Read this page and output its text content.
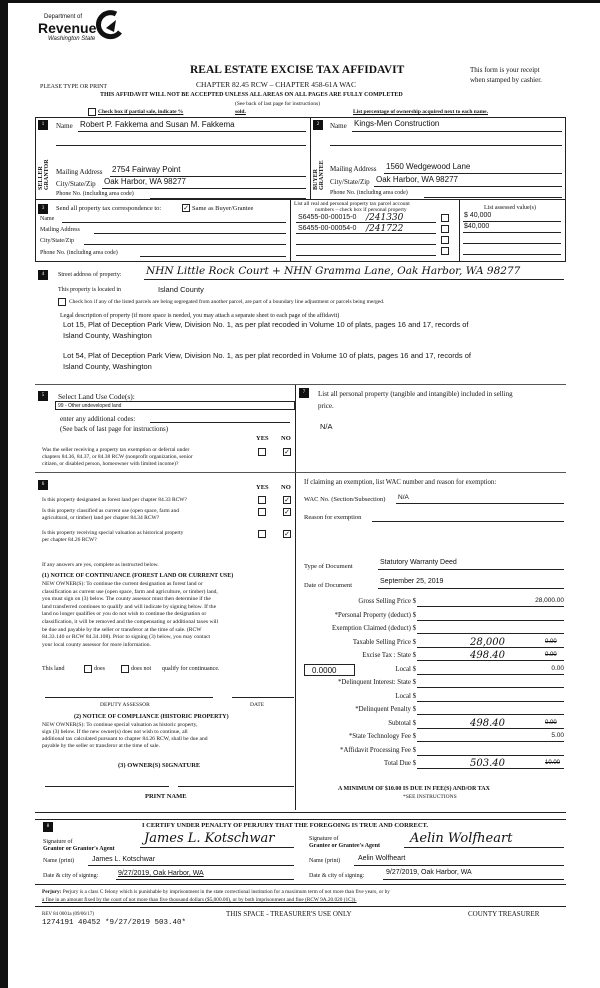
Department of
Revenue
Washington State
REAL ESTATE EXCISE TAX AFFIDAVIT
CHAPTER 82.45 RCW – CHAPTER 458-61A WAC
PLEASE TYPE OR PRINT
This form is your receipt
when stamped by cashier.
THIS AFFIDAVIT WILL NOT BE ACCEPTED UNLESS ALL AREAS ON ALL PAGES ARE FULLY COMPLETED
(See back of last page for instructions)
Check box if partial sale, indicate %	sold.	List percentage of ownership acquired next to each name.
1
SELLER GRANTOR
Name Robert P. Fakkema and Susan M. Fakkema
Mailing Address 2754 Fairway Point
City/State/Zip Oak Harbor, WA 98277
Phone No. (including area code)
2
BUYER GRANTEE
Name Kings-Men Construction
Mailing Address 1560 Wedgewood Lane
City/State/Zip Oak Harbor, WA 98277
Phone No. (including area code)
3	Send all property tax correspondence to:	✓ Same as Buyer/Grantee
Name
Mailing Address
City/State/Zip
Phone No. (including area code)
List all real and personal property tax parcel account
numbers – check box if personal property	List assessed value(s)
S6455-00-00015-0 /241330	$ 40,000
S6455-00-00054-0 /241722	$40,000
4	Street address of property: NHN Little Rock Court + NHN Gramma Lane, Oak Harbor, WA 98277
This property is located in	Island County
Check box if any of the listed parcels are being segregated from another parcel, are part of a boundary line adjustment or parcels being merged.
Legal description of property (if more space is needed, you may attach a separate sheet to each page of the affidavit)
Lot 15, Plat of Deception Park View, Division No. 1, as per plat recoded in Volume 10 of plats, pages 16 and 17, records of
Island County, Washington
Lot 54, Plat of Deception Park View, Division No. 1, as per plat recorded in Volume 10 of plats, pages 16 and 17, records of
Island County, Washington
5	Select Land Use Code(s):
99 - Other undeveloped land
enter any additional codes:
(See back of last page for instructions)
YES NO
Was the seller receiving a property tax exemption or deferral under
chapters 84.36, 84.37, or 84.38 RCW (nonprofit organization, senior
citizen, or disabled person, homeowner with limited income)?
✓
6	YES NO
Is this property designated as forest land per chapter 84.33 RCW?	✓
Is this property classified as current use (open space, farm and
agricultural, or timber) land per chapter 84.34 RCW?
✓
Is this property receiving special valuation as historical property
per chapter 84.26 RCW?
✓
If any answers are yes, complete as instructed below.
(1) NOTICE OF CONTINUANCE (FOREST LAND OR CURRENT USE)
NEW OWNER(S): To continue the current designation as forest land or
classification as current use (open space, farm and agriculture, or timber) land,
you must sign on (3) below. The county assessor must then determine if the
land transferred continues to qualify and will indicate by signing below. If the
land no longer qualifies or you do not wish to continue the designation or
classification, it will be removed and the compensating or additional taxes will
be due and payable by the seller or transferor at the time of sale. (RCW
84.33.140 or RCW 84.34.108). Prior to signing (3) below, you may contact
your local county assessor for more information.
This land	does	does not qualify for continuance.
DEPUTY ASSESSOR	DATE
(2) NOTICE OF COMPLIANCE (HISTORIC PROPERTY)
NEW OWNER(S): To continue special valuation as historic property,
sign (3) below. If the new owner(s) does not wish to continue, all
additional tax calculated pursuant to chapter 84.26 RCW, shall be due and
payable by the seller or transferor at the time of sale.
(3) OWNER(S) SIGNATURE
PRINT NAME
7	List all personal property (tangible and intangible) included in selling
price.
N/A
If claiming an exemption, list WAC number and reason for exemption:
WAC No. (Section/Subsection) N/A
Reason for exemption
Type of Document
Statutory Warranty Deed
Date of Document
September 25, 2019
0.0000
Gross Selling Price $	28,000.00
*Personal Property (deduct) $
Exemption Claimed (deduct) $
Taxable Selling Price $	28,000	0.00
Excise Tax : State $	498.40	0.00
Local $	0.00
*Delinquent Interest: State $
Local $
*Delinquent Penalty $
Subtotal $	498.40	0.00
*State Technology Fee $	5.00
*Affidavit Processing Fee $
Total Due $	503.40	10.00
A MINIMUM OF $10.00 IS DUE IN FEE(S) AND/OR TAX
*SEE INSTRUCTIONS
8	I CERTIFY UNDER PENALTY OF PERJURY THAT THE FOREGOING IS TRUE AND CORRECT.
Signature of
Grantor or Grantor's Agent
James L. Kotschwar
Name (print)	James L. Kotschwar
Date & city of signing:	9/27/2019, Oak Harbor, WA
Signature of
Grantee or Grantee's Agent Aelin Wolfheart
Name (print)	Aelin Wolfheart
Date & city of signing:	9/27/2019, Oak Harbor, WA
Perjury: Perjury is a class C felony which is punishable by imprisonment in the state correctional institution for a maximum term of not more than five years, or by
a fine in an amount fixed by the court of not more than five thousand dollars ($5,000.00), or by both imprisonment and fine (RCW 9A.20.020 (1C)).
REV 84 0001a (09/06/17)	THIS SPACE - TREASURER'S USE ONLY	COUNTY TREASURER
1274191 40452 *9/27/2019 503.40*
